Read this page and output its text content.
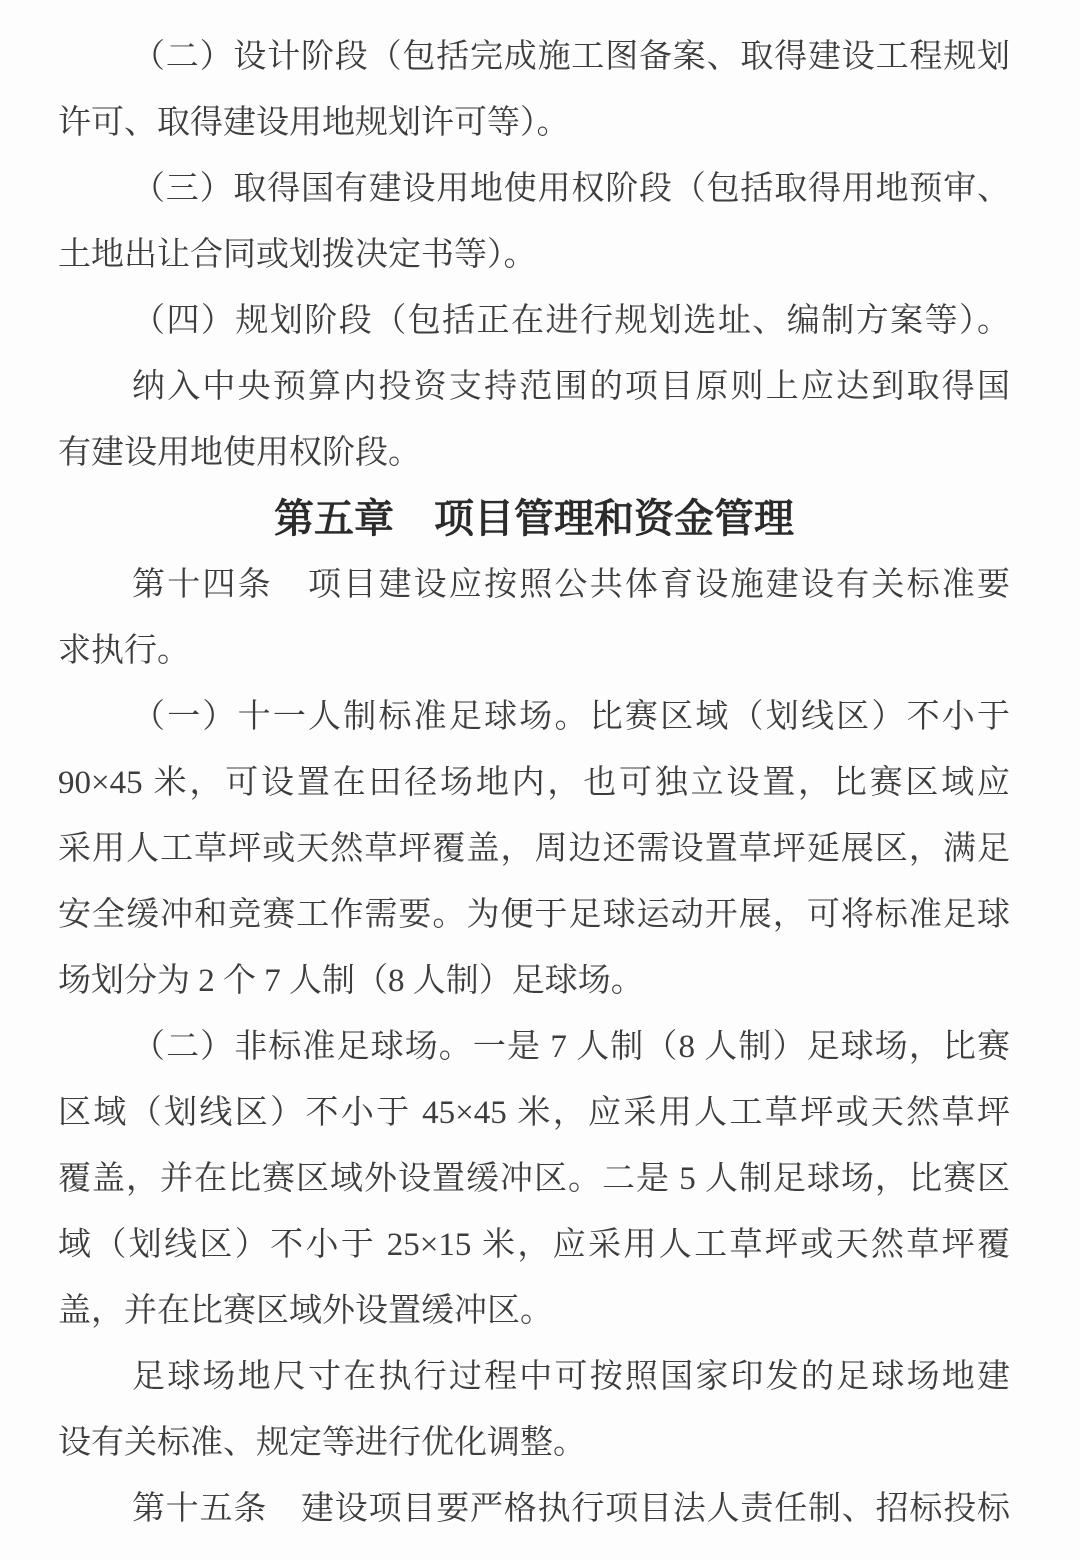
（二）设计阶段（包括完成施工图备案、取得建设工程规划
许可、取得建设用地规划许可等）。
（三）取得国有建设用地使用权阶段（包括取得用地预审、
土地出让合同或划拨决定书等）。
（四）规划阶段（包括正在进行规划选址、编制方案等）。
纳入中央预算内投资支持范围的项目原则上应达到取得国
有建设用地使用权阶段。
第五章　项目管理和资金管理
第十四条　项目建设应按照公共体育设施建设有关标准要
求执行。
（一）十一人制标准足球场。比赛区域（划线区）不小于
90×45 米，可设置在田径场地内，也可独立设置，比赛区域应
采用人工草坪或天然草坪覆盖，周边还需设置草坪延展区，满足
安全缓冲和竞赛工作需要。为便于足球运动开展，可将标准足球
场划分为 2 个 7 人制（8 人制）足球场。
（二）非标准足球场。一是 7 人制（8 人制）足球场，比赛
区域（划线区）不小于 45×45 米，应采用人工草坪或天然草坪
覆盖，并在比赛区域外设置缓冲区。二是 5 人制足球场，比赛区
域（划线区）不小于 25×15 米，应采用人工草坪或天然草坪覆
盖，并在比赛区域外设置缓冲区。
足球场地尺寸在执行过程中可按照国家印发的足球场地建
设有关标准、规定等进行优化调整。
第十五条　建设项目要严格执行项目法人责任制、招标投标
